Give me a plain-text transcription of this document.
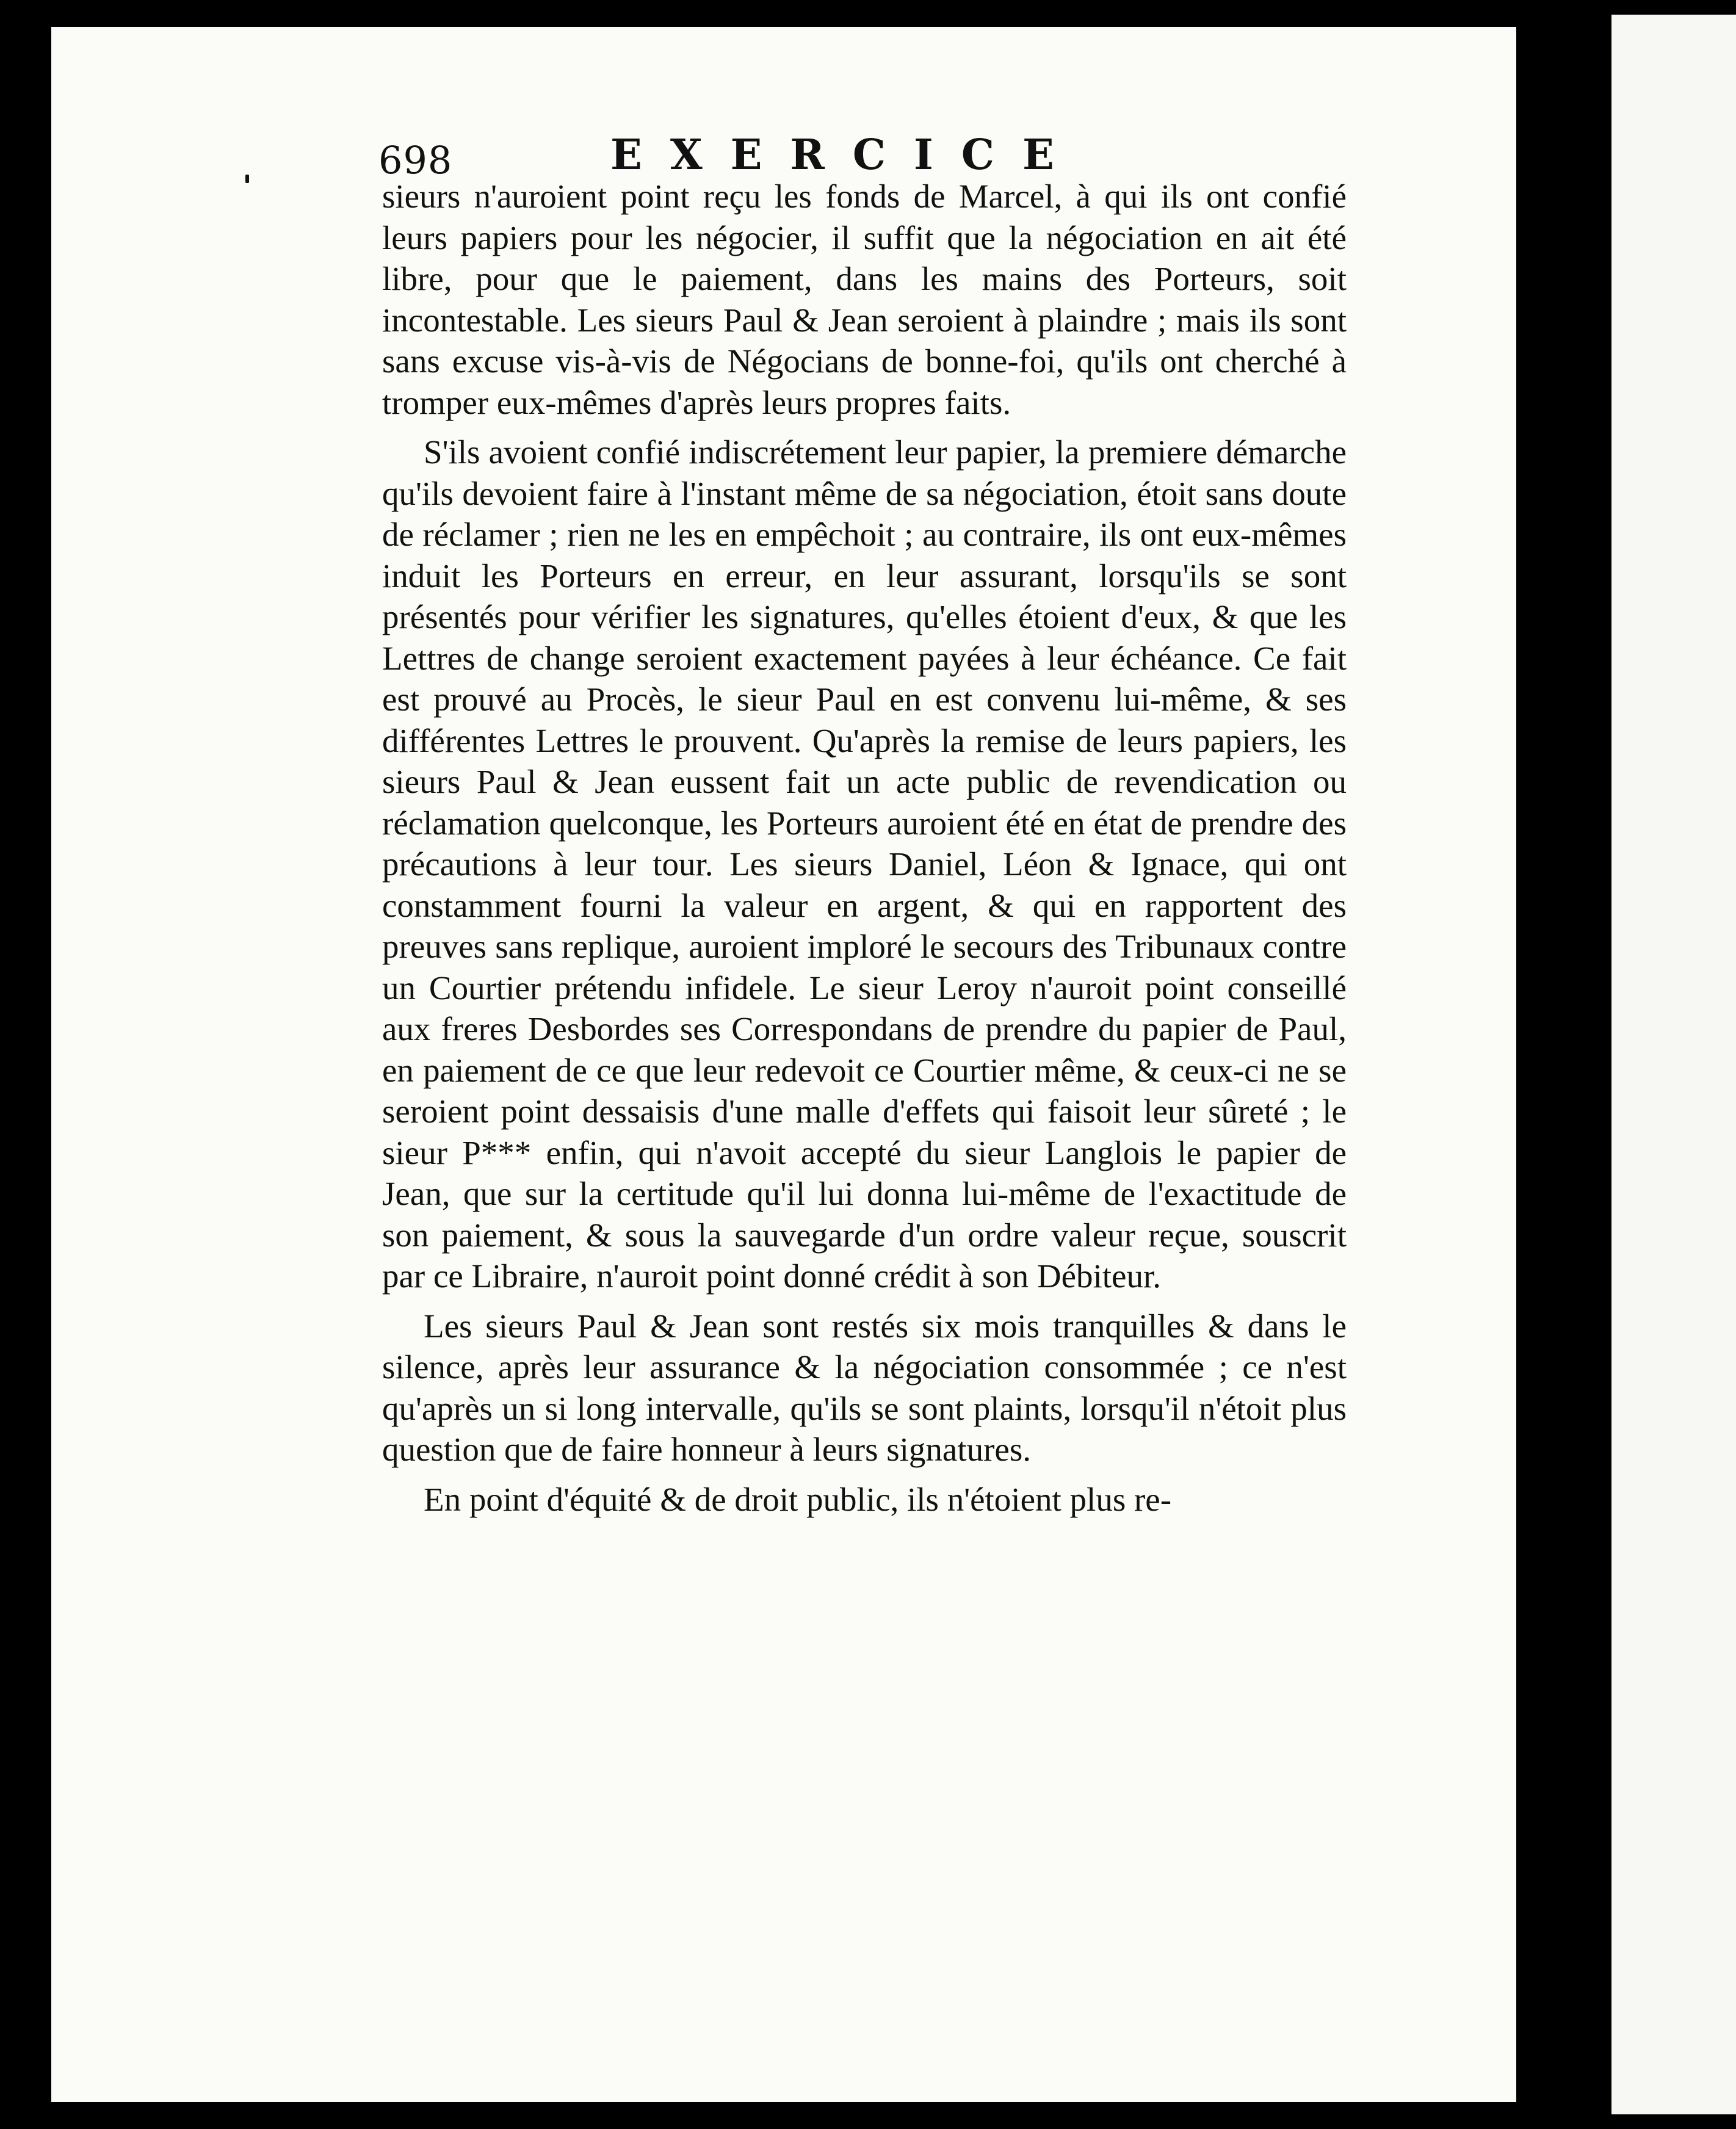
698	EXERCICE

sieurs n'auroient point reçu les fonds de Marcel, à qui ils ont confié leurs papiers pour les négocier, il suffit que la négociation en ait été libre, pour que le paiement, dans les mains des Porteurs, soit incontestable. Les sieurs Paul & Jean seroient à plaindre ; mais ils sont sans excuse vis-à-vis de Négocians de bonne-foi, qu'ils ont cherché à tromper eux-mêmes d'après leurs propres faits.

S'ils avoient confié indiscrétement leur papier, la premiere démarche qu'ils devoient faire à l'instant même de sa négociation, étoit sans doute de réclamer ; rien ne les en empêchoit ; au contraire, ils ont eux-mêmes induit les Porteurs en erreur, en leur assurant, lorsqu'ils se sont présentés pour vérifier les signatures, qu'elles étoient d'eux, & que les Lettres de change seroient exactement payées à leur échéance. Ce fait est prouvé au Procès, le sieur Paul en est convenu lui-même, & ses différentes Lettres le prouvent. Qu'après la remise de leurs papiers, les sieurs Paul & Jean eussent fait un acte public de revendication ou réclamation quelconque, les Porteurs auroient été en état de prendre des précautions à leur tour. Les sieurs Daniel, Léon & Ignace, qui ont constamment fourni la valeur en argent, & qui en rapportent des preuves sans replique, auroient imploré le secours des Tribunaux contre un Courtier prétendu infidele. Le sieur Leroy n'auroit point conseillé aux freres Desbordes ses Correspondans de prendre du papier de Paul, en paiement de ce que leur redevoit ce Courtier même, & ceux-ci ne se seroient point dessaisis d'une malle d'effets qui faisoit leur sûreté ; le sieur P*** enfin, qui n'avoit accepté du sieur Langlois le papier de Jean, que sur la certitude qu'il lui donna lui-même de l'exactitude de son paiement, & sous la sauvegarde d'un ordre valeur reçue, souscrit par ce Libraire, n'auroit point donné crédit à son Débiteur.

Les sieurs Paul & Jean sont restés six mois tranquilles & dans le silence, après leur assurance & la négociation consommée ; ce n'est qu'après un si long intervalle, qu'ils se sont plaints, lorsqu'il n'étoit plus question que de faire honneur à leurs signatures.

En point d'équité & de droit public, ils n'étoient plus re-
